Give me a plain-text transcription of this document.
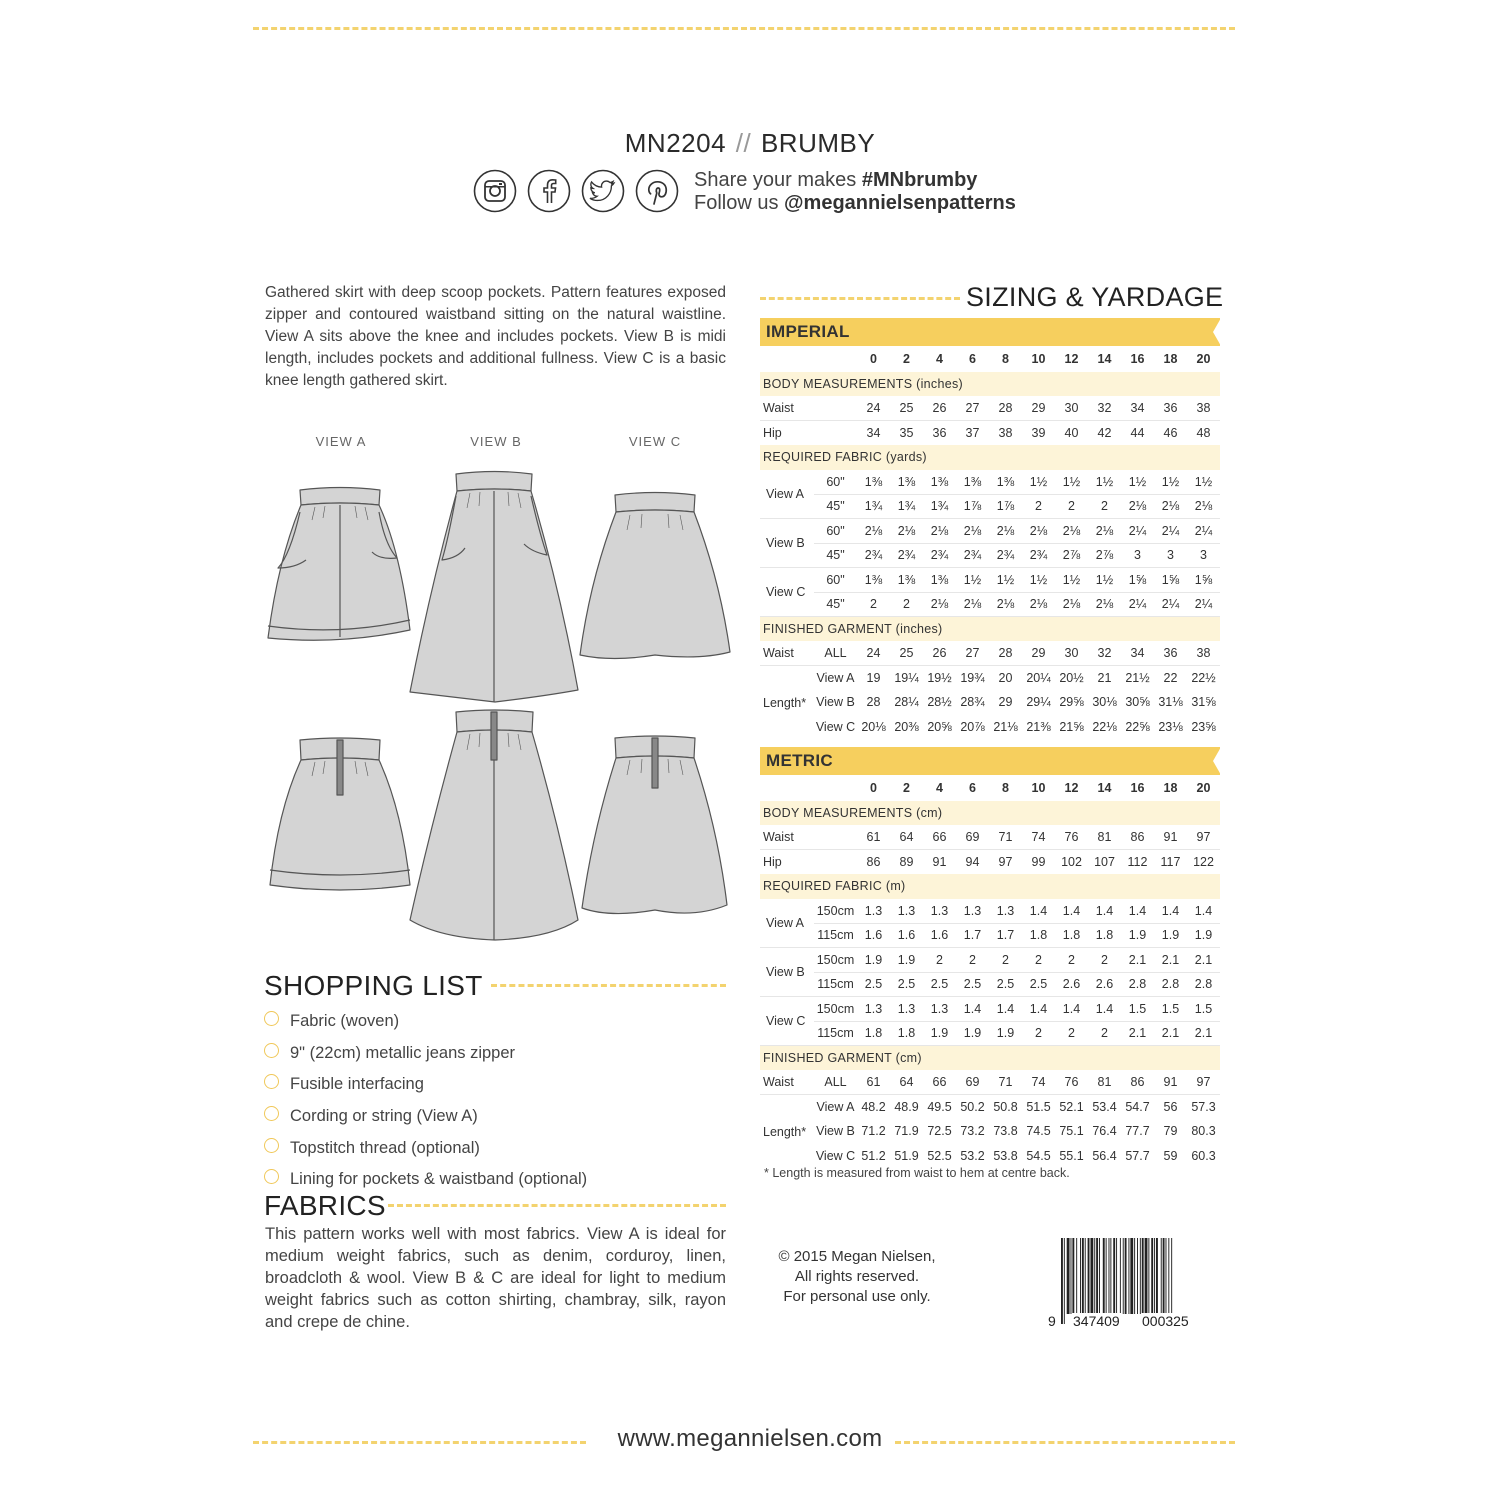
MN2204 // BRUMBY
Share your makes #MNbrumby
Follow us @megannielsenpatterns

Gathered skirt with deep scoop pockets. Pattern features exposed zipper and contoured waistband sitting on the natural waistline. View A sits above the knee and includes pockets. View B is midi length, includes pockets and additional fullness. View C is a basic knee length gathered skirt.

VIEW A	VIEW B	VIEW C
SHOPPING LIST
Fabric (woven)
9" (22cm) metallic jeans zipper
Fusible interfacing
Cording or string (View A)
Topstitch thread (optional)
Lining for pockets & waistband (optional)
FABRICS

This pattern works well with most fabrics. View A is ideal for medium weight fabrics, such as denim, corduroy, linen, broadcloth & wool. View B & C are ideal for light to medium weight fabrics such as cotton shirting, chambray, silk, rayon and crepe de chine.

SIZING & YARDAGE
IMPERIAL
		0	2	4	6	8	10	12	14	16	18	20
BODY MEASUREMENTS (inches)												
Waist		24	25	26	27	28	29	30	32	34	36	38
Hip		34	35	36	37	38	39	40	42	44	46	48
REQUIRED FABRIC (yards)												
View A	60"	1⅜	1⅜	1⅜	1⅜	1⅜	1½	1½	1½	1½	1½	1½
	45"	1¾	1¾	1¾	1⅞	1⅞	2	2	2	2⅛	2⅛	2⅛
View B	60"	2⅛	2⅛	2⅛	2⅛	2⅛	2⅛	2⅛	2⅛	2¼	2¼	2¼
	45"	2¾	2¾	2¾	2¾	2¾	2¾	2⅞	2⅞	3	3	3
View C	60"	1⅜	1⅜	1⅜	1½	1½	1½	1½	1½	1⅝	1⅝	1⅝
	45"	2	2	2⅛	2⅛	2⅛	2⅛	2⅛	2⅛	2¼	2¼	2¼
FINISHED GARMENT (inches)												
Waist	ALL	24	25	26	27	28	29	30	32	34	36	38
Length*	View A	19	19¼	19½	19¾	20	20¼	20½	21	21½	22	22½
	View B	28	28¼	28½	28¾	29	29¼	29⅝	30⅛	30⅝	31⅛	31⅝
	View C	20⅛	20⅜	20⅝	20⅞	21⅛	21⅜	21⅝	22⅛	22⅝	23⅛	23⅝
METRIC
		0	2	4	6	8	10	12	14	16	18	20
BODY MEASUREMENTS (cm)												
Waist		61	64	66	69	71	74	76	81	86	91	97
Hip		86	89	91	94	97	99	102	107	112	117	122
REQUIRED FABRIC (m)												
View A	150cm	1.3	1.3	1.3	1.3	1.3	1.4	1.4	1.4	1.4	1.4	1.4
	115cm	1.6	1.6	1.6	1.7	1.7	1.8	1.8	1.8	1.9	1.9	1.9
View B	150cm	1.9	1.9	2	2	2	2	2	2	2.1	2.1	2.1
	115cm	2.5	2.5	2.5	2.5	2.5	2.5	2.6	2.6	2.8	2.8	2.8
View C	150cm	1.3	1.3	1.3	1.4	1.4	1.4	1.4	1.4	1.5	1.5	1.5
	115cm	1.8	1.8	1.9	1.9	1.9	2	2	2	2.1	2.1	2.1
FINISHED GARMENT (cm)												
Waist	ALL	61	64	66	69	71	74	76	81	86	91	97
Length*	View A	48.2	48.9	49.5	50.2	50.8	51.5	52.1	53.4	54.7	56	57.3
	View B	71.2	71.9	72.5	73.2	73.8	74.5	75.1	76.4	77.7	79	80.3
	View C	51.2	51.9	52.5	53.2	53.8	54.5	55.1	56.4	57.7	59	60.3
* Length is measured from waist to hem at centre back.
© 2015 Megan Nielsen,
All rights reserved.
For personal use only.
9 347409 000325
www.megannielsen.com
